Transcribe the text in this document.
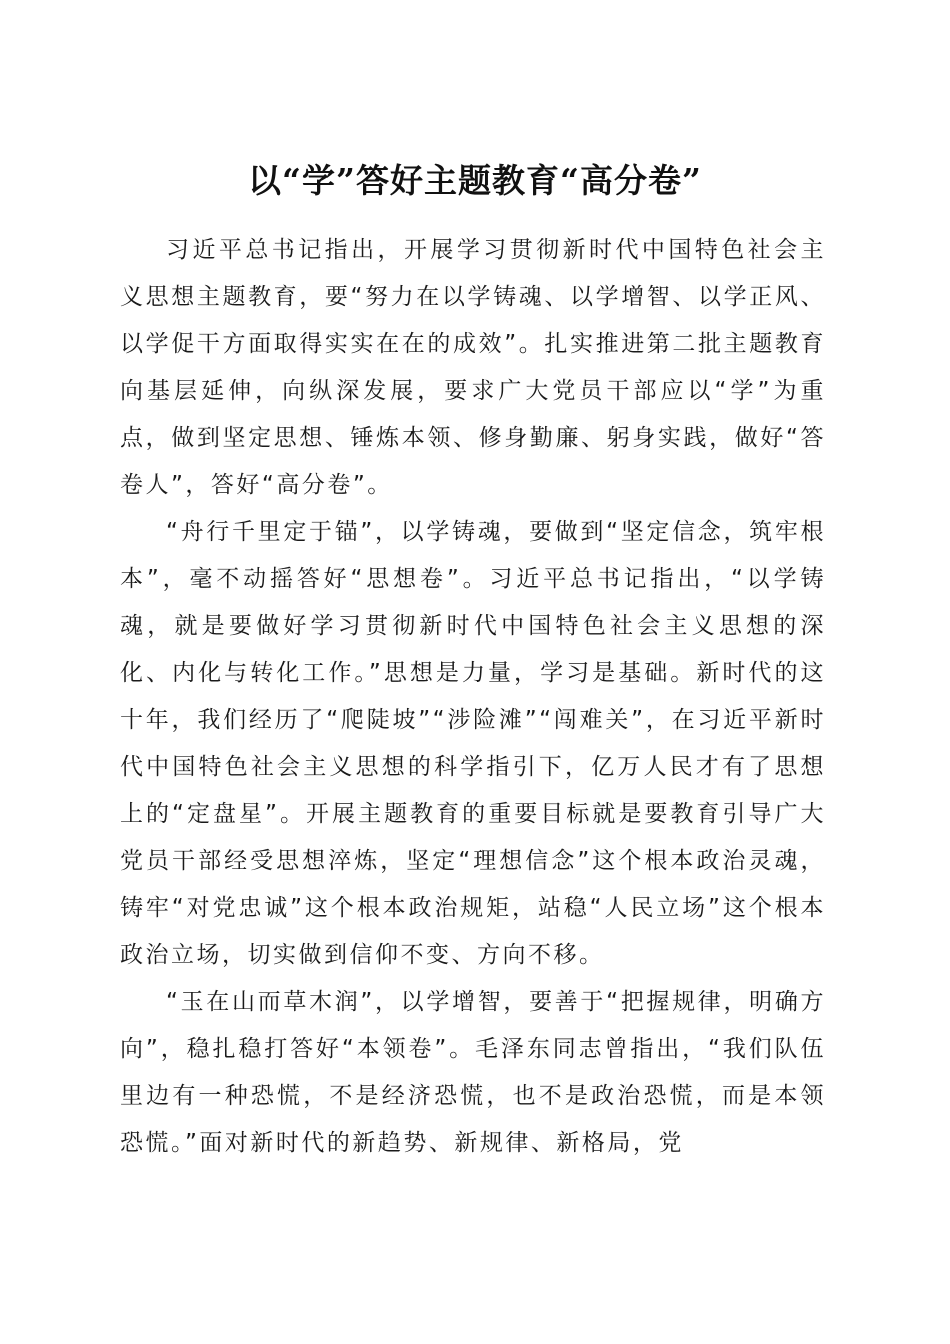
以“学”答好主题教育“高分卷”

习近平总书记指出，开展学习贯彻新时代中国特色社会主义思想主题教育，要“努力在以学铸魂、以学增智、以学正风、以学促干方面取得实实在在的成效”。扎实推进第二批主题教育向基层延伸，向纵深发展，要求广大党员干部应以“学”为重点，做到坚定思想、锤炼本领、修身勤廉、躬身实践，做好“答卷人”，答好“高分卷”。

“舟行千里定于锚”，以学铸魂，要做到“坚定信念，筑牢根本”，毫不动摇答好“思想卷”。习近平总书记指出，“以学铸魂，就是要做好学习贯彻新时代中国特色社会主义思想的深化、内化与转化工作。”思想是力量，学习是基础。新时代的这十年，我们经历了“爬陡坡”“涉险滩”“闯难关”，在习近平新时代中国特色社会主义思想的科学指引下，亿万人民才有了思想上的“定盘星”。开展主题教育的重要目标就是要教育引导广大党员干部经受思想淬炼，坚定“理想信念”这个根本政治灵魂，铸牢“对党忠诚”这个根本政治规矩，站稳“人民立场”这个根本政治立场，切实做到信仰不变、方向不移。

“玉在山而草木润”，以学增智，要善于“把握规律，明确方向”，稳扎稳打答好“本领卷”。毛泽东同志曾指出，“我们队伍里边有一种恐慌，不是经济恐慌，也不是政治恐慌，而是本领恐慌。”面对新时代的新趋势、新规律、新格局，党
